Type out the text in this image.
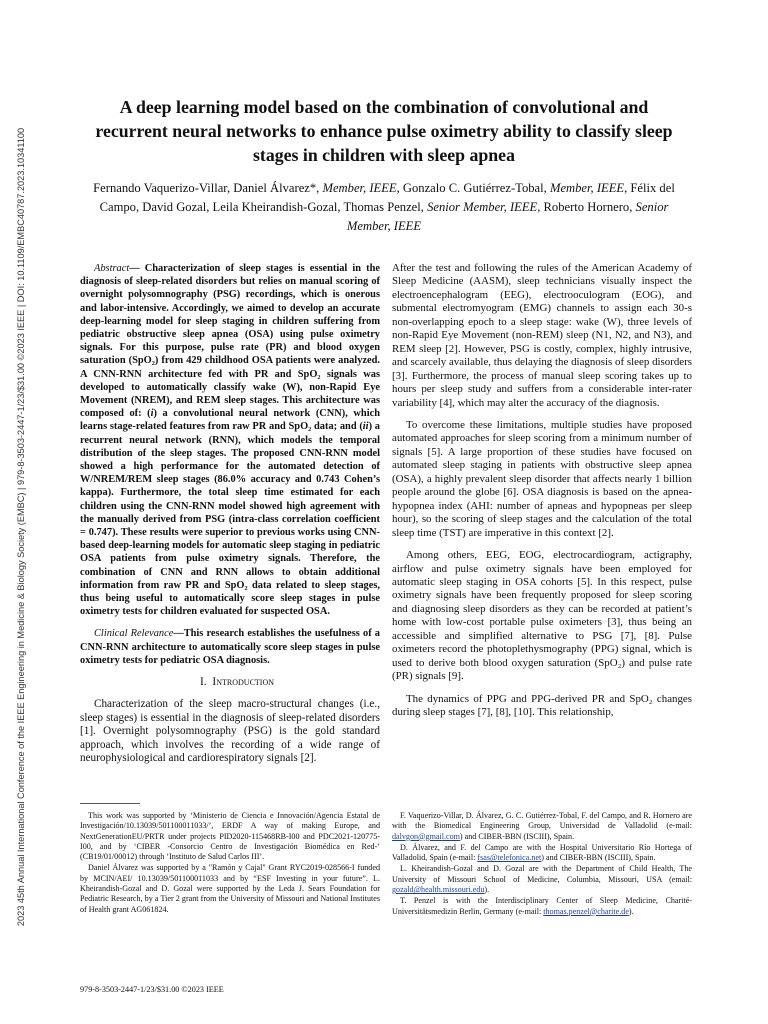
2023 45th Annual International Conference of the IEEE Engineering in Medicine & Biology Society (EMBC) | 979-8-3503-2447-1/23/$31.00 ©2023 IEEE | DOI: 10.1109/EMBC40787.2023.10341100
A deep learning model based on the combination of convolutional and recurrent neural networks to enhance pulse oximetry ability to classify sleep stages in children with sleep apnea
Fernando Vaquerizo-Villar, Daniel Álvarez*, Member, IEEE, Gonzalo C. Gutiérrez-Tobal, Member, IEEE, Félix del Campo, David Gozal, Leila Kheirandish-Gozal, Thomas Penzel, Senior Member, IEEE, Roberto Hornero, Senior Member, IEEE

Abstract— Characterization of sleep stages is essential in the diagnosis of sleep-related disorders but relies on manual scoring of overnight polysomnography (PSG) recordings, which is onerous and labor-intensive. Accordingly, we aimed to develop an accurate deep-learning model for sleep staging in children suffering from pediatric obstructive sleep apnea (OSA) using pulse oximetry signals. For this purpose, pulse rate (PR) and blood oxygen saturation (SpO₂) from 429 childhood OSA patients were analyzed. A CNN-RNN architecture fed with PR and SpO₂ signals was developed to automatically classify wake (W), non-Rapid Eye Movement (NREM), and REM sleep stages. This architecture was composed of: (i) a convolutional neural network (CNN), which learns stage-related features from raw PR and SpO₂ data; and (ii) a recurrent neural network (RNN), which models the temporal distribution of the sleep stages. The proposed CNN-RNN model showed a high performance for the automated detection of W/NREM/REM sleep stages (86.0% accuracy and 0.743 Cohen’s kappa). Furthermore, the total sleep time estimated for each children using the CNN-RNN model showed high agreement with the manually derived from PSG (intra-class correlation coefficient = 0.747). These results were superior to previous works using CNN-based deep-learning models for automatic sleep staging in pediatric OSA patients from pulse oximetry signals. Therefore, the combination of CNN and RNN allows to obtain additional information from raw PR and SpO₂ data related to sleep stages, thus being useful to automatically score sleep stages in pulse oximetry tests for children evaluated for suspected OSA.

Clinical Relevance—This research establishes the usefulness of a CNN-RNN architecture to automatically score sleep stages in pulse oximetry tests for pediatric OSA diagnosis.

I. Introduction

Characterization of the sleep macro-structural changes (i.e., sleep stages) is essential in the diagnosis of sleep-related disorders [1]. Overnight polysomnography (PSG) is the gold standard approach, which involves the recording of a wide range of neurophysiological and cardiorespiratory signals [2].

After the test and following the rules of the American Academy of Sleep Medicine (AASM), sleep technicians visually inspect the electroencephalogram (EEG), electrooculogram (EOG), and submental electromyogram (EMG) channels to assign each 30-s non-overlapping epoch to a sleep stage: wake (W), three levels of non-Rapid Eye Movement (non-REM) sleep (N1, N2, and N3), and REM sleep [2]. However, PSG is costly, complex, highly intrusive, and scarcely available, thus delaying the diagnosis of sleep disorders [3]. Furthermore, the process of manual sleep scoring takes up to hours per sleep study and suffers from a considerable inter-rater variability [4], which may alter the accuracy of the diagnosis.

To overcome these limitations, multiple studies have proposed automated approaches for sleep scoring from a minimum number of signals [5]. A large proportion of these studies have focused on automated sleep staging in patients with obstructive sleep apnea (OSA), a highly prevalent sleep disorder that affects nearly 1 billion people around the globe [6]. OSA diagnosis is based on the apnea-hypopnea index (AHI: number of apneas and hypopneas per sleep hour), so the scoring of sleep stages and the calculation of the total sleep time (TST) are imperative in this context [2].

Among others, EEG, EOG, electrocardiogram, actigraphy, airflow and pulse oximetry signals have been employed for automatic sleep staging in OSA cohorts [5]. In this respect, pulse oximetry signals have been frequently proposed for sleep scoring and diagnosing sleep disorders as they can be recorded at patient’s home with low-cost portable pulse oximeters [3], thus being an accessible and simplified alternative to PSG [7], [8]. Pulse oximeters record the photoplethysmography (PPG) signal, which is used to derive both blood oxygen saturation (SpO₂) and pulse rate (PR) signals [9].

The dynamics of PPG and PPG-derived PR and SpO₂ changes during sleep stages [7], [8], [10]. This relationship,

This work was supported by ‘Ministerio de Ciencia e Innovación/Agencia Estatal de Investigación/10.13039/501100011033/’, ERDF A way of making Europe, and NextGenerationEU/PRTR under projects PID2020-115468RB-I00 and PDC2021-120775-I00, and by ‘CIBER -Consorcio Centro de Investigación Biomédica en Red-’ (CB19/01/00012) through ‘Instituto de Salud Carlos III’.

Daniel Álvarez was supported by a "Ramón y Cajal" Grant RYC2019-028566-I funded by MCIN/AEI/ 10.13039/501100011033 and by “ESF Investing in your future”. L. Kheirandish-Gozal and D. Gozal were supported by the Leda J. Sears Foundation for Pediatric Research, by a Tier 2 grant from the University of Missouri and National Institutes of Health grant AG061824.

F. Vaquerizo-Villar, D. Álvarez, G. C. Gutiérrez-Tobal, F. del Campo, and R. Hornero are with the Biomedical Engineering Group, Universidad de Valladolid (e-mail: dalvgon@gmail.com) and CIBER-BBN (ISCIII), Spain.

D. Álvarez, and F. del Campo are with the Hospital Universitario Río Hortega of Valladolid, Spain (e-mail: fsas@telefonica.net) and CIBER-BBN (ISCIII), Spain.

L. Kheirandish-Gozal and D. Gozal are with the Department of Child Health, The University of Missouri School of Medicine, Columbia, Missouri, USA (email: gozald@health.missouri.edu).

T. Penzel is with the Interdisciplinary Center of Sleep Medicine, Charité-Universitätsmedizin Berlin, Germany (e-mail: thomas.penzel@charite.de).

979-8-3503-2447-1/23/$31.00 ©2023 IEEE
